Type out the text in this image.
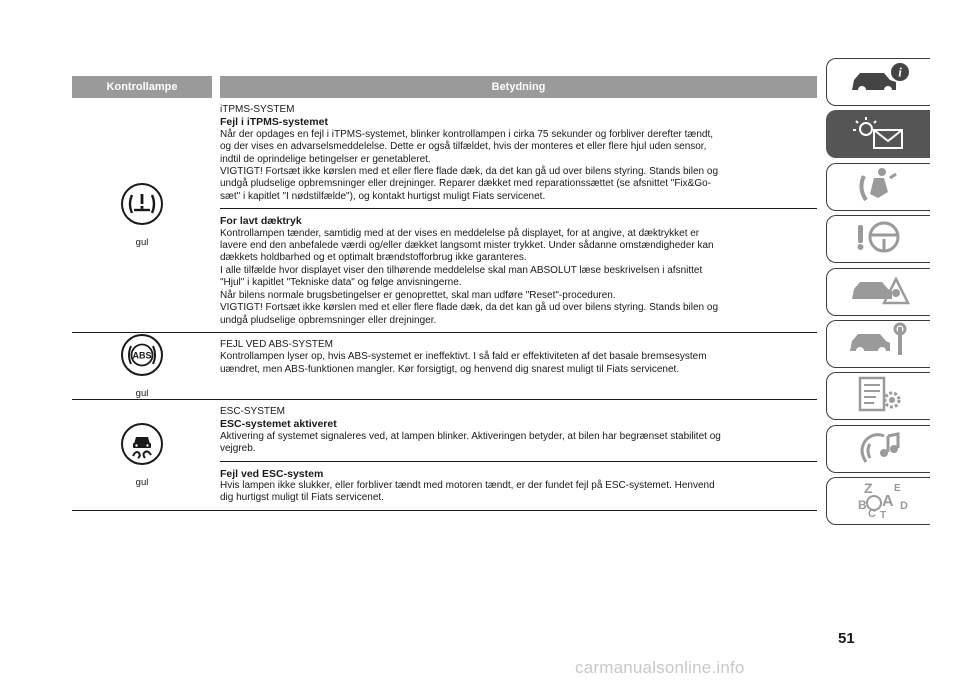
Kontrollampe	Betydning
gul

iTPMS-SYSTEM

Fejl i iTPMS-systemet

Når der opdages en fejl i iTPMS-systemet, blinker kontrollampen i cirka 75 sekunder og forbliver derefter tændt,

og der vises en advarselsmeddelelse. Dette er også tilfældet, hvis der monteres et eller flere hjul uden sensor,

indtil de oprindelige betingelser er genetableret.

VIGTIGT! Fortsæt ikke kørslen med et eller flere flade dæk, da det kan gå ud over bilens styring. Stands bilen og

undgå pludselige opbremsninger eller drejninger. Reparer dækket med reparationssættet (se afsnittet "Fix&Go-

sæt" i kapitlet "I nødstilfælde"), og kontakt hurtigst muligt Fiats servicenet.

For lavt dæktryk

Kontrollampen tænder, samtidig med at der vises en meddelelse på displayet, for at angive, at dæktrykket er

lavere end den anbefalede værdi og/eller dækket langsomt mister trykket. Under sådanne omstændigheder kan

dækkets holdbarhed og et optimalt brændstofforbrug ikke garanteres.

I alle tilfælde hvor displayet viser den tilhørende meddelelse skal man ABSOLUT læse beskrivelsen i afsnittet

"Hjul" i kapitlet "Tekniske data" og følge anvisningerne.

Når bilens normale brugsbetingelser er genoprettet, skal man udføre "Reset"-proceduren.

VIGTIGT! Fortsæt ikke kørslen med et eller flere flade dæk, da det kan gå ud over bilens styring. Stands bilen og

undgå pludselige opbremsninger eller drejninger.

ABS
gul

FEJL VED ABS-SYSTEM

Kontrollampen lyser op, hvis ABS-systemet er ineffektivt. I så fald er effektiviteten af det basale bremsesystem

uændret, men ABS-funktionen mangler. Kør forsigtigt, og henvend dig snarest muligt til Fiats servicenet.

gul

ESC-SYSTEM

ESC-systemet aktiveret

Aktivering af systemet signaleres ved, at lampen blinker. Aktiveringen betyder, at bilen har begrænset stabilitet og

vejgreb.

Fejl ved ESC-system

Hvis lampen ikke slukker, eller forbliver tændt med motoren tændt, er der fundet fejl på ESC-systemet. Henvend

dig hurtigst muligt til Fiats servicenet.

i
Z E
B A
C T
D
51
carmanualsonline.info
